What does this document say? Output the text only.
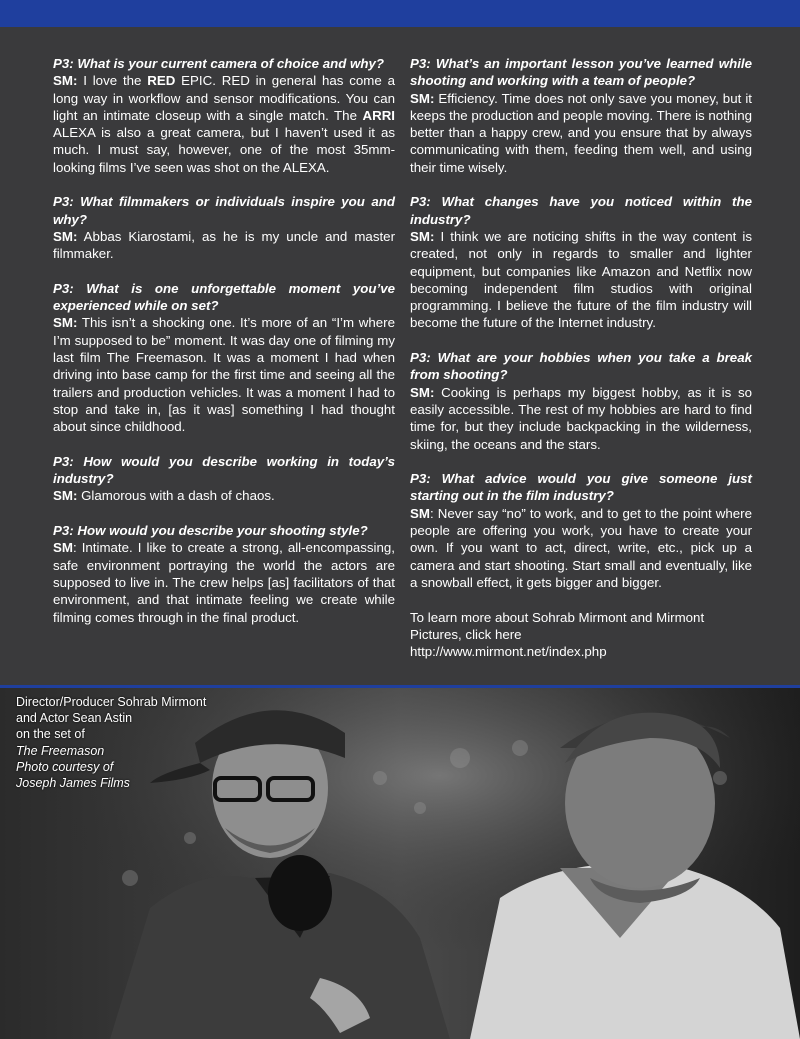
P3: What is your current camera of choice and why?
SM: I love the RED EPIC. RED in general has come a long way in workflow and sensor modifications. You can light an intimate closeup with a single match. The ARRI ALEXA is also a great camera, but I haven’t used it as much. I must say, however, one of the most 35mm-looking films I’ve seen was shot on the ALEXA.
P3: What filmmakers or individuals inspire you and why?
SM: Abbas Kiarostami, as he is my uncle and master filmmaker.
P3: What is one unforgettable moment you’ve experienced while on set?
SM: This isn’t a shocking one. It’s more of an “I’m where I’m supposed to be” moment. It was day one of filming my last film The Freemason. It was a moment I had when driving into base camp for the first time and seeing all the trailers and production vehicles. It was a moment I had to stop and take in, [as it was] something I had thought about since childhood.
P3: How would you describe working in today’s industry?
SM: Glamorous with a dash of chaos.
P3: How would you describe your shooting style?
SM: Intimate. I like to create a strong, all-encompassing, safe environment portraying the world the actors are supposed to live in. The crew helps [as] facilitators of that environment, and that intimate feeling we create while filming comes through in the final product.
P3: What’s an important lesson you’ve learned while shooting and working with a team of people?
SM: Efficiency. Time does not only save you money, but it keeps the production and people moving. There is nothing better than a happy crew, and you ensure that by always communicating with them, feeding them well, and using their time wisely.
P3: What changes have you noticed within the industry?
SM: I think we are noticing shifts in the way content is created, not only in regards to smaller and lighter equipment, but companies like Amazon and Netflix now becoming independent film studios with original programming. I believe the future of the film industry will become the future of the Internet industry.
P3: What are your hobbies when you take a break from shooting?
SM: Cooking is perhaps my biggest hobby, as it is so easily accessible. The rest of my hobbies are hard to find time for, but they include backpacking in the wilderness, skiing, the oceans and the stars.
P3: What advice would you give someone just starting out in the film industry?
SM: Never say “no” to work, and to get to the point where people are offering you work, you have to create your own. If you want to act, direct, write, etc., pick up a camera and start shooting. Start small and eventually, like a snowball effect, it gets bigger and bigger.
To learn more about Sohrab Mirmont and Mirmont Pictures, click here
http://www.mirmont.net/index.php
Director/Producer Sohrab Mirmont
and Actor Sean Astin
on the set of
The Freemason
Photo courtesy of
Joseph James Films
